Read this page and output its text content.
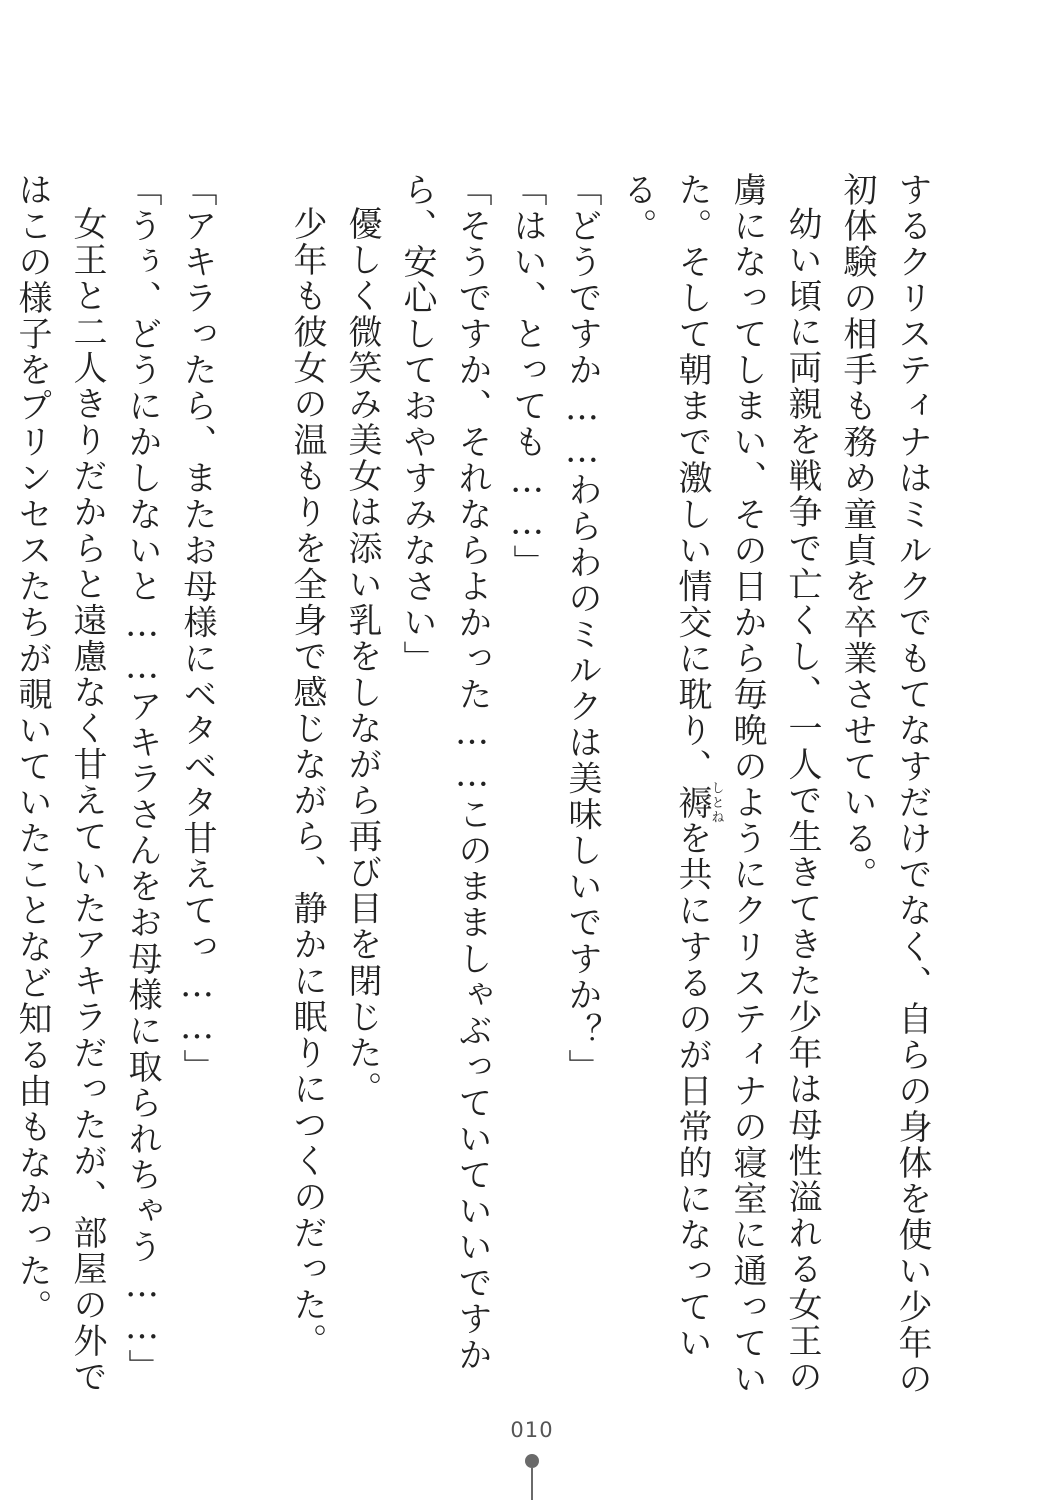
するクリスティナはミルクでもてなすだけでなく、自らの身体を使い少年の初体験の相手も務め童貞を卒業させている。

幼い頃に両親を戦争で亡くし、一人で生きてきた少年は母性溢れる女王の虜になってしまい、その日から毎晩のようにクリスティナの寝室に通っていた。そして朝まで激しい情交に耽り、褥しとねを共にするのが日常的になっている。

「どうですか……わらわのミルクは美味しいですか？」

「はい、とっても……」

「そうですか、それならよかった……このまましゃぶっていていいですから、安心しておやすみなさい」

優しく微笑み美女は添い乳をしながら再び目を閉じた。

少年も彼女の温もりを全身で感じながら、静かに眠りにつくのだった。

「アキラったら、またお母様にベタベタ甘えてっ……」

「うぅ、どうにかしないと……アキラさんをお母様に取られちゃう……」

女王と二人きりだからと遠慮なく甘えていたアキラだったが、部屋の外ではこの様子をプリンセスたちが覗いていたことなど知る由もなかった。

010
